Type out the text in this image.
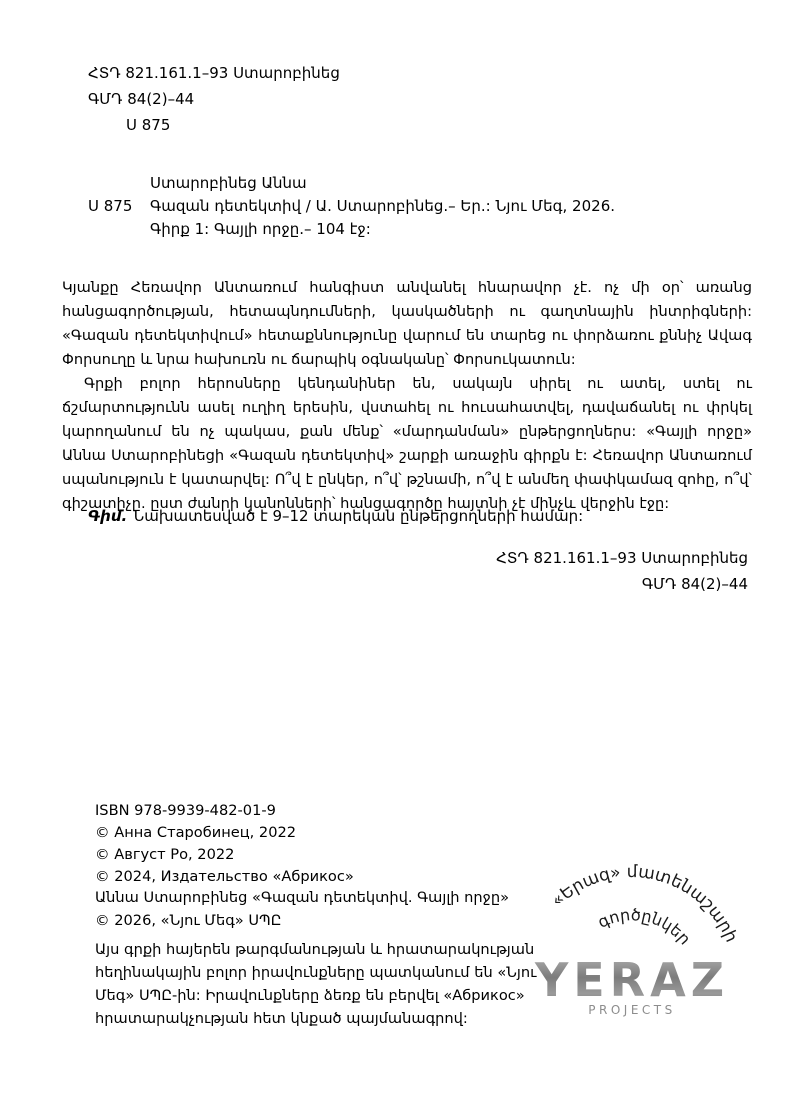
ՀՏԴ 821.161.1–93 Ստարոբինեց
ԳՄԴ 84(2)–44
Ս 875
Ստարոբինեց Աննա
Ս 875	Գազան դետեկտիվ / Ա. Ստարոբինեց.– Եր.: Նյու Մեգ, 2026.
Գիրք 1: Գայլի որջը.– 104 էջ:

Կյանքը Հեռավոր Անտառում հանգիստ անվանել հնարավոր չէ. ոչ մի օր՝ առանց հանցագործության, հետապնդումների, կասկածների ու գաղտնային ինտրիգների: «Գազան դետեկտիվում» հետաքննությունը վարում են տարեց ու փորձառու քննիչ Ավագ Փորսուղը և նրա հախուռն ու ճարպիկ օգնականը՝ Փորսուկատուն:

Գրքի բոլոր հերոսները կենդանիներ են, սակայն սիրել ու ատել, ստել ու ճշմարտությունն ասել ուղիղ երեսին, վստահել ու հուսահատվել, դավաճանել ու փրկել կարողանում են ոչ պակաս, քան մենք՝ «մարդանման» ընթերցողներս: «Գայլի որջը» Աննա Ստարոբինեցի «Գազան դետեկտիվ» շարքի առաջին գիրքն է: Հեռավոր Անտառում սպանություն է կատարվել: Ո՞վ է ընկեր, ո՞վ՝ թշնամի, ո՞վ է անմեղ փափկամազ զոհը, ո՞վ՝ գիշատիչը. ըստ ժանրի կանոնների՝ հանցագործը հայտնի չէ մինչև վերջին էջը:

Գիմ. Նախատեսված է 9–12 տարեկան ընթերցողների համար:
ՀՏԴ 821.161.1–93 Ստարոբինեց
ԳՄԴ 84(2)–44
ISBN 978-9939-482-01-9
© Анна Старобинец, 2022
© Август Ро, 2022
© 2024, Издательство «Абрикос»
Աննա Ստարոբինեց «Գազան դետեկտիվ. Գայլի որջը»
© 2026, «Նյու Մեգ» ՍՊԸ
Այս գրքի հայերեն թարգմանության և հրատարակության հեղինակային բոլոր իրավունքները պատկանում են «Նյու Մեգ» ՍՊԸ-ին: Իրավունքները ձեռք են բերվել «Абрикос» հրատարակչության հետ կնքած պայմանագրով:
«Երազ» մատենաշարի
գործընկեր
YERAZ
PROJECTS
